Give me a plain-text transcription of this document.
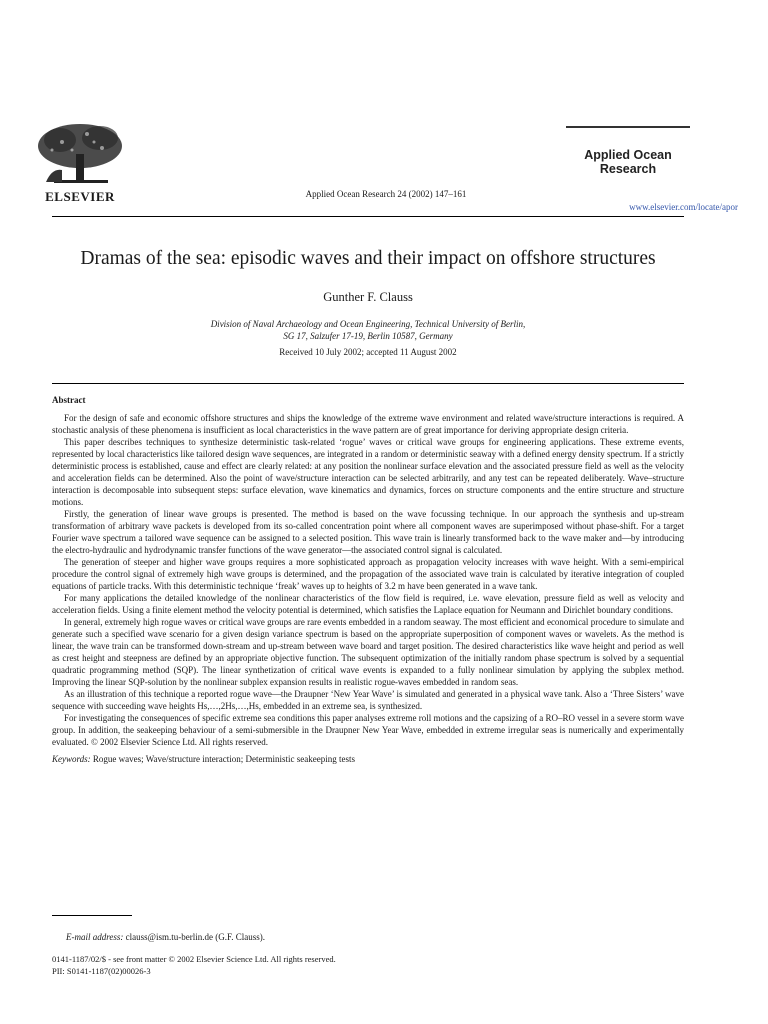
ELSEVIER	Applied Ocean Research 24 (2002) 147–161
Applied Ocean
Research
www.elsevier.com/locate/apor
Dramas of the sea: episodic waves and their impact on offshore structures
Gunther F. Clauss
Division of Naval Archaeology and Ocean Engineering, Technical University of Berlin,
SG 17, Salzufer 17-19, Berlin 10587, Germany
Received 10 July 2002; accepted 11 August 2002
Abstract

For the design of safe and economic offshore structures and ships the knowledge of the extreme wave environment and related wave/structure interactions is required. A stochastic analysis of these phenomena is insufficient as local characteristics in the wave pattern are of great importance for deriving appropriate design criteria.

This paper describes techniques to synthesize deterministic task-related ‘rogue’ waves or critical wave groups for engineering applications. These extreme events, represented by local characteristics like tailored design wave sequences, are integrated in a random or deterministic seaway with a defined energy density spectrum. If a strictly deterministic process is established, cause and effect are clearly related: at any position the nonlinear surface elevation and the associated pressure field as well as the velocity and acceleration fields can be determined. Also the point of wave/structure interaction can be selected arbitrarily, and any test can be repeated deliberately. Wave–structure interaction is decomposable into subsequent steps: surface elevation, wave kinematics and dynamics, forces on structure components and the entire structure and structure motions.

Firstly, the generation of linear wave groups is presented. The method is based on the wave focussing technique. In our approach the synthesis and up-stream transformation of arbitrary wave packets is developed from its so-called concentration point where all component waves are superimposed without phase-shift. For a target Fourier wave spectrum a tailored wave sequence can be assigned to a selected position. This wave train is linearly transformed back to the wave maker and—by introducing the electro-hydraulic and hydrodynamic transfer functions of the wave generator—the associated control signal is calculated.

The generation of steeper and higher wave groups requires a more sophisticated approach as propagation velocity increases with wave height. With a semi-empirical procedure the control signal of extremely high wave groups is determined, and the propagation of the associated wave train is calculated by iterative integration of coupled equations of particle tracks. With this deterministic technique ‘freak’ waves up to heights of 3.2 m have been generated in a wave tank.

For many applications the detailed knowledge of the nonlinear characteristics of the flow field is required, i.e. wave elevation, pressure field as well as velocity and acceleration fields. Using a finite element method the velocity potential is determined, which satisfies the Laplace equation for Neumann and Dirichlet boundary conditions.

In general, extremely high rogue waves or critical wave groups are rare events embedded in a random seaway. The most efficient and economical procedure to simulate and generate such a specified wave scenario for a given design variance spectrum is based on the appropriate superposition of component waves or wavelets. As the method is linear, the wave train can be transformed down-stream and up-stream between wave board and target position. The desired characteristics like wave height and period as well as crest height and steepness are defined by an appropriate objective function. The subsequent optimization of the initially random phase spectrum is solved by a sequential quadratic programming method (SQP). The linear synthetization of critical wave events is expanded to a fully nonlinear simulation by applying the subplex method. Improving the linear SQP-solution by the nonlinear subplex expansion results in realistic rogue-waves embedded in random seas.

As an illustration of this technique a reported rogue wave—the Draupner ‘New Year Wave’ is simulated and generated in a physical wave tank. Also a ‘Three Sisters’ wave sequence with succeeding wave heights Hs,…,2Hs,…,Hs, embedded in an extreme sea, is synthesized.

For investigating the consequences of specific extreme sea conditions this paper analyses extreme roll motions and the capsizing of a RO–RO vessel in a severe storm wave group. In addition, the seakeeping behaviour of a semi-submersible in the Draupner New Year Wave, embedded in extreme irregular seas is numerically and experimentally evaluated. © 2002 Elsevier Science Ltd. All rights reserved.

Keywords: Rogue waves; Wave/structure interaction; Deterministic seakeeping tests
E-mail address: clauss@ism.tu-berlin.de (G.F. Clauss).
0141-1187/02/$ - see front matter © 2002 Elsevier Science Ltd. All rights reserved.
PII: S0141-1187(02)00026-3
